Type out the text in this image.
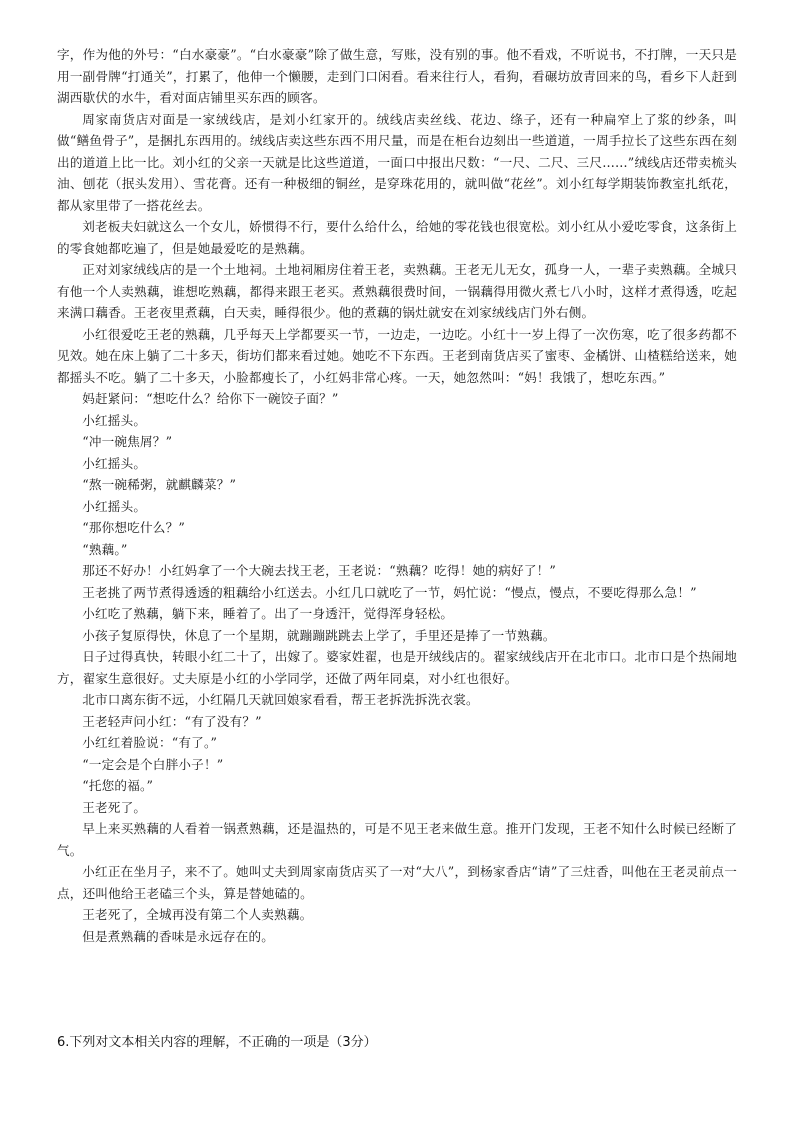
字，作为他的外号：“白水豪豪”。“白水豪豪”除了做生意，写账，没有别的事。他不看戏，不听说书，不打牌，一天只是用一副骨牌“打通关”，打累了，他伸一个懒腰，走到门口闲看。看来往行人，看狗，看碾坊放青回来的鸟，看乡下人赶到湖西歇伏的水牛，看对面店铺里买东西的顾客。

周家南货店对面是一家绒线店，是刘小红家开的。绒线店卖丝线、花边、绦子，还有一种扁窄上了浆的纱条，叫做“鳝鱼骨子”，是捆扎东西用的。绒线店卖这些东西不用尺量，而是在柜台边刻出一些道道，一周手拉长了这些东西在刻出的道道上比一比。刘小红的父亲一天就是比这些道道，一面口中报出尺数：“一尺、二尺、三尺……”绒线店还带卖梳头油、刨花（抿头发用）、雪花膏。还有一种极细的铜丝，是穿珠花用的，就叫做“花丝”。刘小红每学期装饰教室扎纸花，都从家里带了一搭花丝去。

刘老板夫妇就这么一个女儿，娇惯得不行，要什么给什么，给她的零花钱也很宽松。刘小红从小爱吃零食，这条街上的零食她都吃遍了，但是她最爱吃的是熟藕。

正对刘家绒线店的是一个土地祠。土地祠厢房住着王老，卖熟藕。王老无儿无女，孤身一人，一辈子卖熟藕。全城只有他一个人卖熟藕，谁想吃熟藕，都得来跟王老买。煮熟藕很费时间，一锅藕得用微火煮七八小时，这样才煮得透，吃起来满口藕香。王老夜里煮藕，白天卖，睡得很少。他的煮藕的锅灶就安在刘家绒线店门外右侧。

小红很爱吃王老的熟藕，几乎每天上学都要买一节，一边走，一边吃。小红十一岁上得了一次伤寒，吃了很多药都不见效。她在床上躺了二十多天，街坊们都来看过她。她吃不下东西。王老到南货店买了蜜枣、金橘饼、山楂糕给送来，她都摇头不吃。躺了二十多天，小脸都瘦长了，小红妈非常心疼。一天，她忽然叫：“妈！我饿了，想吃东西。”

妈赶紧问：“想吃什么？给你下一碗饺子面？”

小红摇头。

“冲一碗焦屑？”

小红摇头。

“熬一碗稀粥，就麒麟菜？”

小红摇头。

“那你想吃什么？”

“熟藕。”

那还不好办！小红妈拿了一个大碗去找王老，王老说：“熟藕？吃得！她的病好了！”

王老挑了两节煮得透透的粗藕给小红送去。小红几口就吃了一节，妈忙说：“慢点，慢点，不要吃得那么急！”

小红吃了熟藕，躺下来，睡着了。出了一身透汗，觉得浑身轻松。

小孩子复原得快，休息了一个星期，就蹦蹦跳跳去上学了，手里还是捧了一节熟藕。

日子过得真快，转眼小红二十了，出嫁了。婆家姓翟，也是开绒线店的。翟家绒线店开在北市口。北市口是个热闹地方，翟家生意很好。丈夫原是小红的小学同学，还做了两年同桌，对小红也很好。

北市口离东街不远，小红隔几天就回娘家看看，帮王老拆洗拆洗衣裳。

王老轻声问小红：“有了没有？”

小红红着脸说：“有了。”

“一定会是个白胖小子！”

“托您的福。”

王老死了。

早上来买熟藕的人看着一锅煮熟藕，还是温热的，可是不见王老来做生意。推开门发现，王老不知什么时候已经断了气。

小红正在坐月子，来不了。她叫丈夫到周家南货店买了一对“大八”，到杨家香店“请”了三炷香，叫他在王老灵前点一点，还叫他给王老磕三个头，算是替她磕的。

王老死了，全城再没有第二个人卖熟藕。

但是煮熟藕的香味是永远存在的。

6.下列对文本相关内容的理解，不正确的一项是（3分）
